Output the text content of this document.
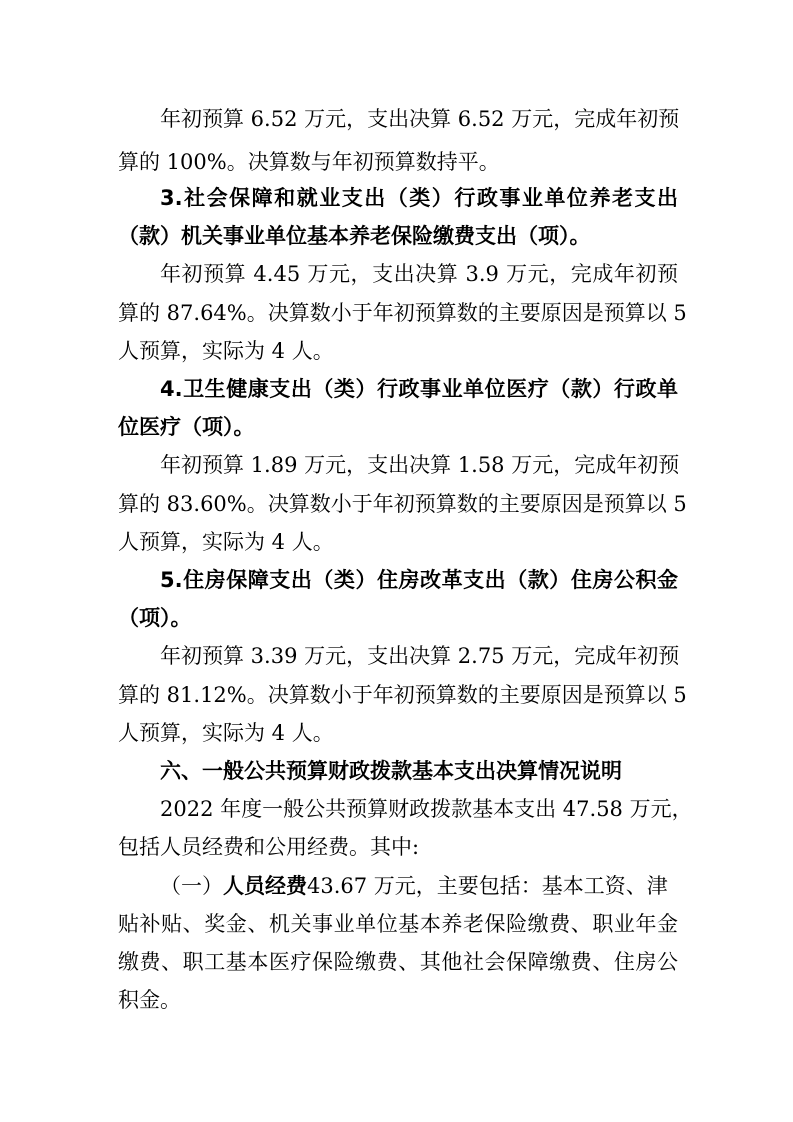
年初预算 6.52 万元，支出决算 6.52 万元，完成年初预
算的 100%。决算数与年初预算数持平。
3.社会保障和就业支出（类）行政事业单位养老支出
（款）机关事业单位基本养老保险缴费支出（项）。
年初预算 4.45 万元，支出决算 3.9 万元，完成年初预
算的 87.64%。决算数小于年初预算数的主要原因是预算以 5
人预算，实际为 4 人。
4.卫生健康支出（类）行政事业单位医疗（款）行政单
位医疗（项）。
年初预算 1.89 万元，支出决算 1.58 万元，完成年初预
算的 83.60%。决算数小于年初预算数的主要原因是预算以 5
人预算，实际为 4 人。
5.住房保障支出（类）住房改革支出（款）住房公积金
（项）。
年初预算 3.39 万元，支出决算 2.75 万元，完成年初预
算的 81.12%。决算数小于年初预算数的主要原因是预算以 5
人预算，实际为 4 人。
六、一般公共预算财政拨款基本支出决算情况说明
2022 年度一般公共预算财政拨款基本支出 47.58 万元，
包括人员经费和公用经费。其中:
（一）人员经费43.67 万元，主要包括：基本工资、津
贴补贴、奖金、机关事业单位基本养老保险缴费、职业年金
缴费、职工基本医疗保险缴费、其他社会保障缴费、住房公
积金。
